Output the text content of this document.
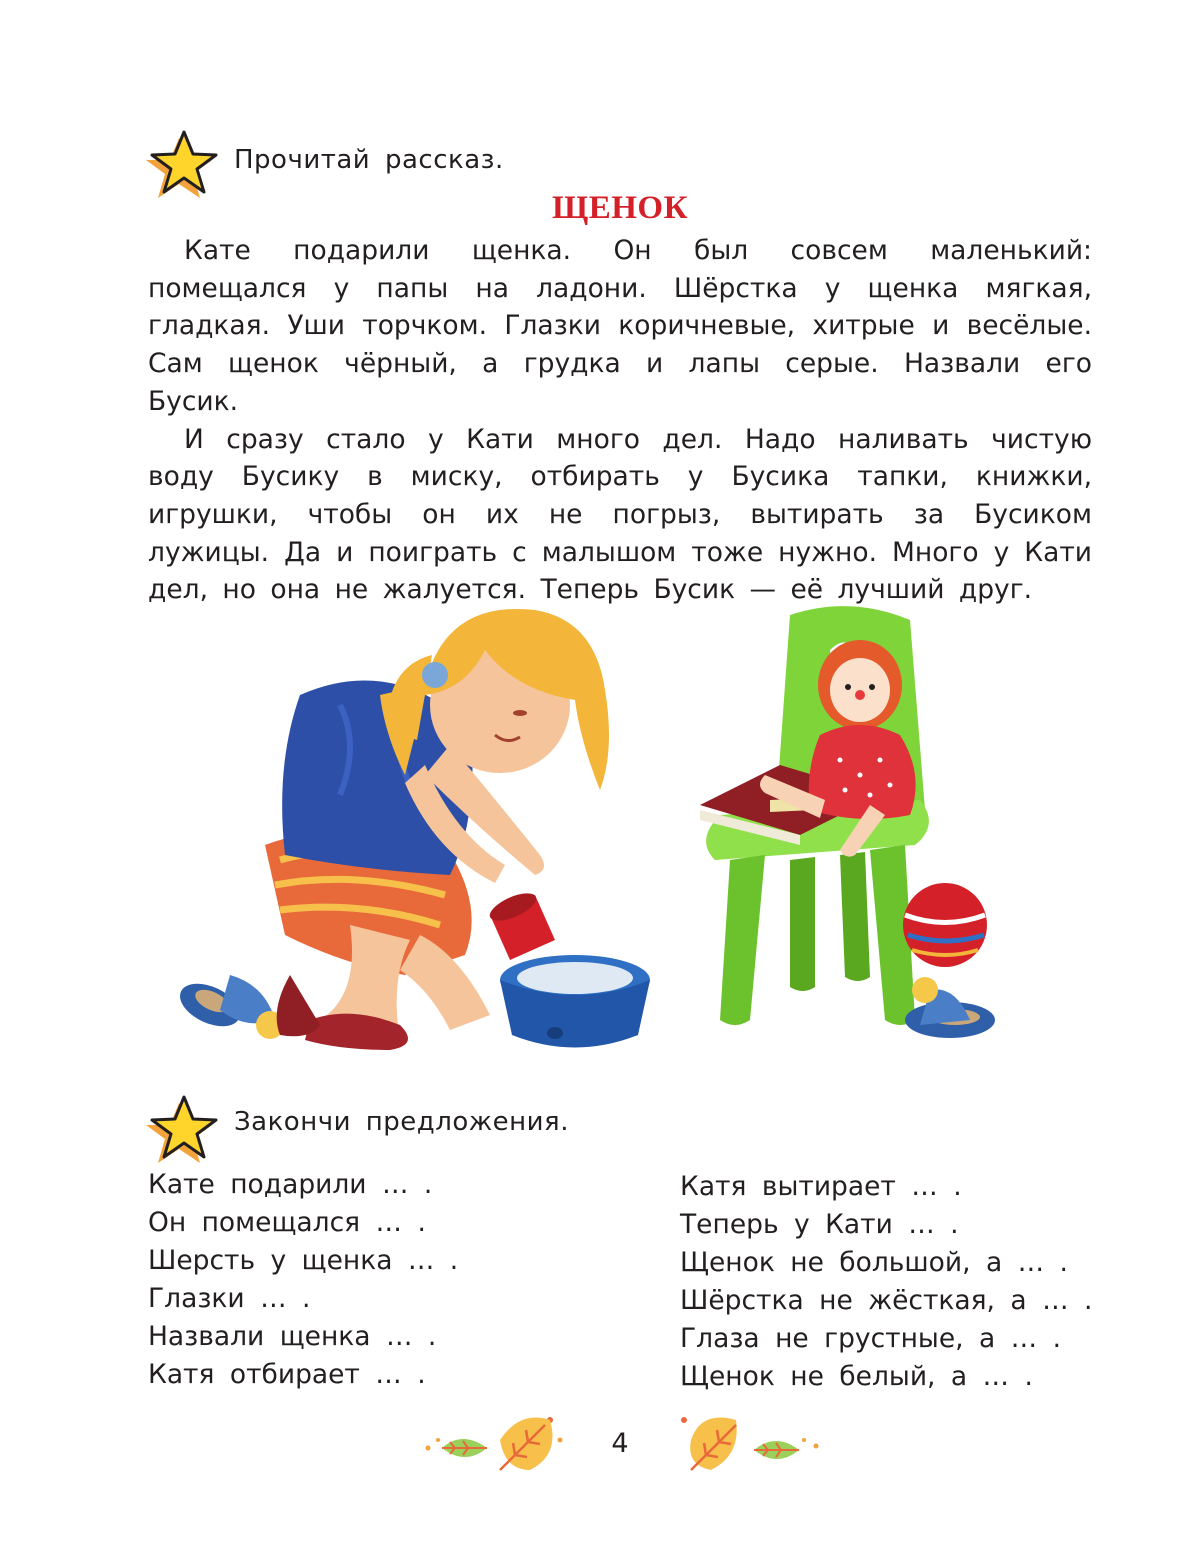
Прочитай рассказ.
ЩЕНОК

Кате подарили щенка. Он был совсем маленький: помещался у папы на ладони. Шёрстка у щенка мягкая, гладкая. Уши торчком. Глазки коричневые, хитрые и весёлые. Сам щенок чёрный, а грудка и лапы серые. Назвали его Бусик.

И сразу стало у Кати много дел. Надо наливать чистую воду Бусику в миску, отбирать у Бусика тапки, книжки, игрушки, чтобы он их не погрыз, вытирать за Бусиком лужицы. Да и поиграть с малышом тоже нужно. Много у Кати дел, но она не жалуется. Теперь Бусик — её лучший друг.

Закончи предложения.
Кате подарили … .
Он помещался … .
Шерсть у щенка … .
Глазки … .
Назвали щенка … .
Катя отбирает … .
Катя вытирает … .
Теперь у Кати … .
Щенок не большой, а … .
Шёрстка не жёсткая, а … .
Глаза не грустные, а … .
Щенок не белый, а … .
4
